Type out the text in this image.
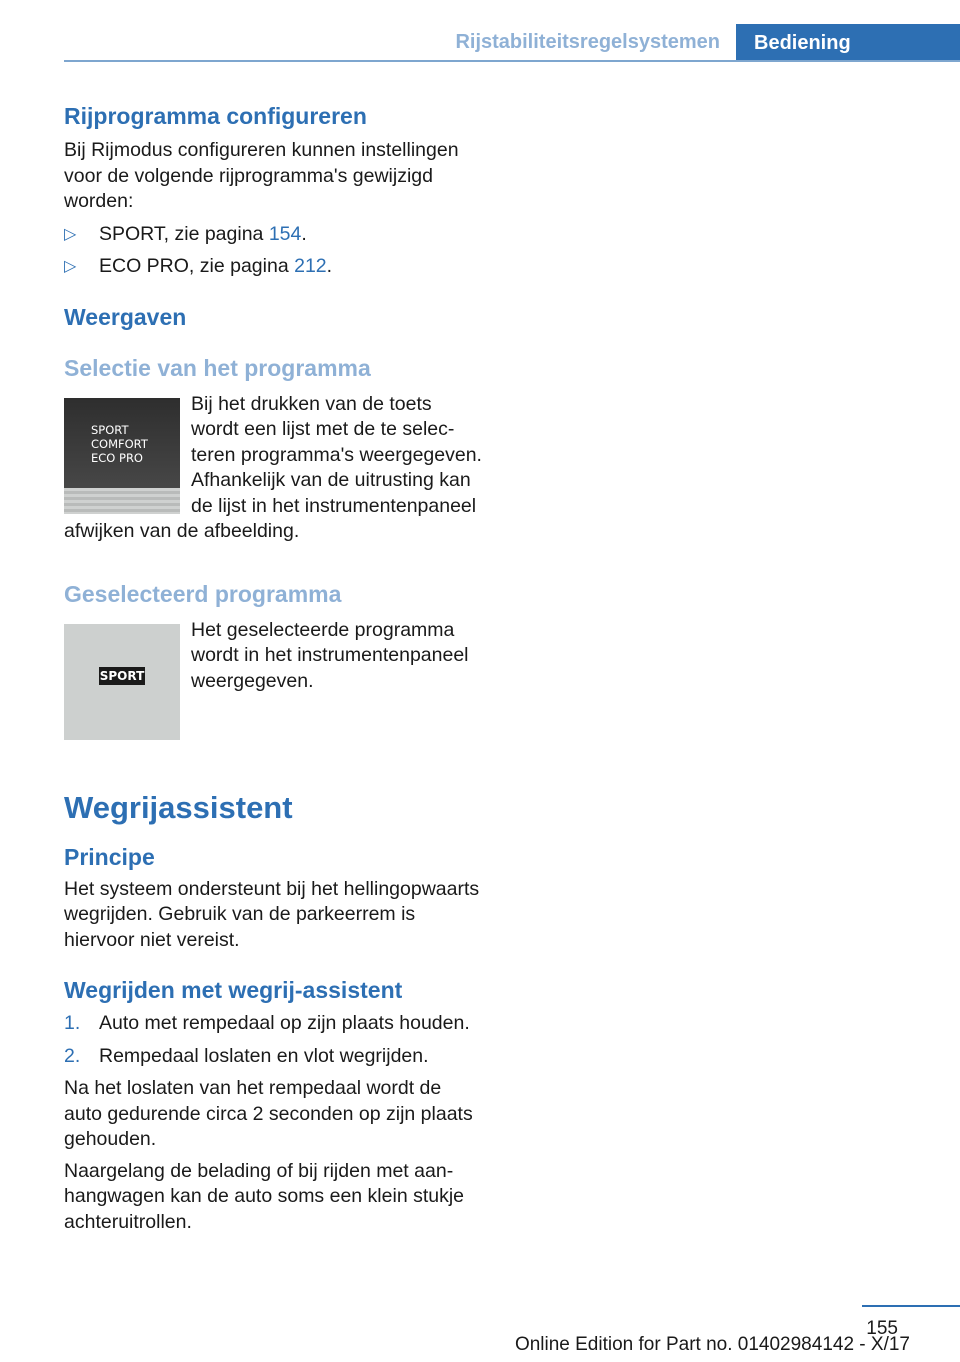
Rijstabiliteitsregelsystemen	Bediening
Rijprogramma configureren

Bij Rijmodus configureren kunnen instellingen voor de volgende rijprogramma's gewijzigd worden:

▷ SPORT, zie pagina 154.
▷ ECO PRO, zie pagina 212.
Weergaven
Selectie van het programma
SPORT
COMFORT
ECO PRO

Bij het drukken van de toets wordt een lijst met de te selecteren programma's weergegeven. Afhankelijk van de uitrusting kan de lijst in het instrumentenpaneel afwijken van de afbeelding.

Geselecteerd programma
SPORT

Het geselecteerde programma wordt in het instrumentenpaneel weergegeven.

Wegrijassistent
Principe

Het systeem ondersteunt bij het hellingopwaarts wegrijden. Gebruik van de parkeerrem is hiervoor niet vereist.

Wegrijden met wegrij-assistent
1. Auto met rempedaal op zijn plaats houden.
2. Rempedaal loslaten en vlot wegrijden.

Na het loslaten van het rempedaal wordt de auto gedurende circa 2 seconden op zijn plaats gehouden.

Naargelang de belading of bij rijden met aanhangwagen kan de auto soms een klein stukje achteruitrollen.

155
Online Edition for Part no. 01402984142 - X/17
